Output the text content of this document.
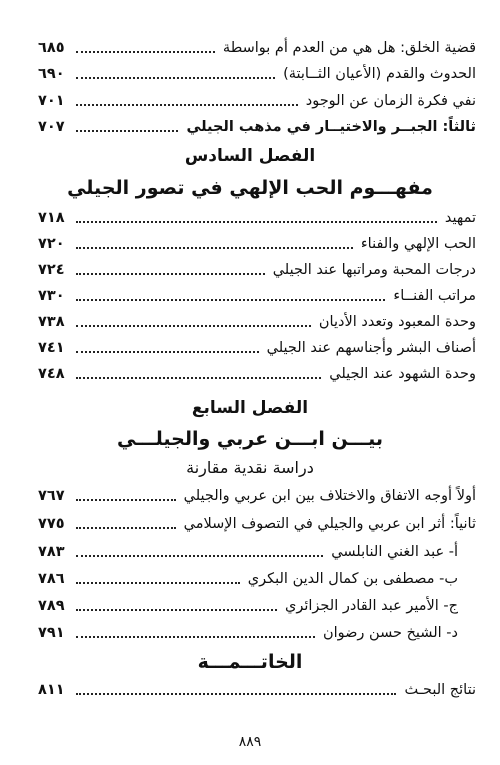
قضية الخلق: هل هي من العدم أم بواسطة
٦٨٥
الحدوث والقدم (الأعيان الثــابتة)
٦٩٠
نفي فكرة الزمان عن الوجود
٧٠١
ثالثاً: الجبــر والاختيــار في مذهب الجيلي
٧٠٧
الفصل السادس
مفهـــوم الحب الإلهي في تصور الجيلي
تمهيد
٧١٨
الحب الإلهي والفناء
٧٢٠
درجات المحبة ومراتبها عند الجيلي
٧٢٤
مراتب الفنــاء
٧٣٠
وحدة المعبود وتعدد الأديان
٧٣٨
أصناف البشر وأجناسهم عند الجيلي
٧٤١
وحدة الشهود عند الجيلي
٧٤٨
الفصل السابع
بيـــن ابـــن عربي والجيلـــي
دراسة نقدية مقارنة
أولاً أوجه الاتفاق والاختلاف بين ابن عربي والجيلي
٧٦٧
ثانياً: أثر ابن عربي والجيلي في التصوف الإسلامي
٧٧٥
أ- عبد الغني النابلسي
٧٨٣
ب- مصطفى بن كمال الدين البكري
٧٨٦
ج- الأمير عبد القادر الجزائري
٧٨٩
د- الشيخ حسن رضوان
٧٩١
الخاتـــمـــة
نتائج البحـث
٨١١
٨٨٩
